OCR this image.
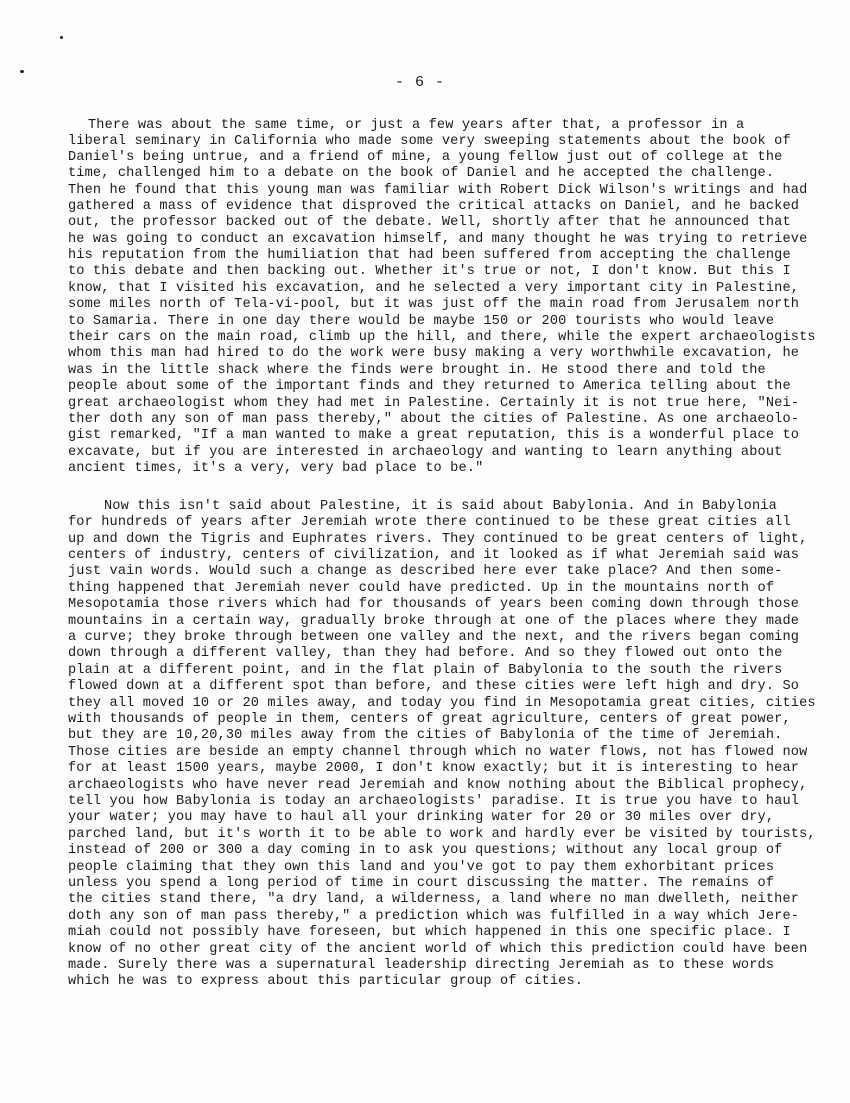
- 6 -
There was about the same time, or just a few years after that, a professor in a
liberal seminary in California who made some very sweeping statements about the book of
Daniel's being untrue, and a friend of mine, a young fellow just out of college at the
time, challenged him to a debate on the book of Daniel and he accepted the challenge.
Then he found that this young man was familiar with Robert Dick Wilson's writings and had
gathered a mass of evidence that disproved the critical attacks on Daniel, and he backed
out, the professor backed out of the debate. Well, shortly after that he announced that
he was going to conduct an excavation himself, and many thought he was trying to retrieve
his reputation from the humiliation that had been suffered from accepting the challenge
to this debate and then backing out. Whether it's true or not, I don't know. But this I
know, that I visited his excavation, and he selected a very important city in Palestine,
some miles north of Tela-vi-pool, but it was just off the main road from Jerusalem north
to Samaria. There in one day there would be maybe 150 or 200 tourists who would leave
their cars on the main road, climb up the hill, and there, while the expert archaeologists
whom this man had hired to do the work were busy making a very worthwhile excavation, he
was in the little shack where the finds were brought in. He stood there and told the
people about some of the important finds and they returned to America telling about the
great archaeologist whom they had met in Palestine. Certainly it is not true here, "Nei-
ther doth any son of man pass thereby," about the cities of Palestine. As one archaeolo-
gist remarked, "If a man wanted to make a great reputation, this is a wonderful place to
excavate, but if you are interested in archaeology and wanting to learn anything about
ancient times, it's a very, very bad place to be."
Now this isn't said about Palestine, it is said about Babylonia. And in Babylonia
for hundreds of years after Jeremiah wrote there continued to be these great cities all
up and down the Tigris and Euphrates rivers. They continued to be great centers of light,
centers of industry, centers of civilization, and it looked as if what Jeremiah said was
just vain words. Would such a change as described here ever take place? And then some-
thing happened that Jeremiah never could have predicted. Up in the mountains north of
Mesopotamia those rivers which had for thousands of years been coming down through those
mountains in a certain way, gradually broke through at one of the places where they made
a curve; they broke through between one valley and the next, and the rivers began coming
down through a different valley, than they had before. And so they flowed out onto the
plain at a different point, and in the flat plain of Babylonia to the south the rivers
flowed down at a different spot than before, and these cities were left high and dry. So
they all moved 10 or 20 miles away, and today you find in Mesopotamia great cities, cities
with thousands of people in them, centers of great agriculture, centers of great power,
but they are 10,20,30 miles away from the cities of Babylonia of the time of Jeremiah.
Those cities are beside an empty channel through which no water flows, not has flowed now
for at least 1500 years, maybe 2000, I don't know exactly; but it is interesting to hear
archaeologists who have never read Jeremiah and know nothing about the Biblical prophecy,
tell you how Babylonia is today an archaeologists' paradise. It is true you have to haul
your water; you may have to haul all your drinking water for 20 or 30 miles over dry,
parched land, but it's worth it to be able to work and hardly ever be visited by tourists,
instead of 200 or 300 a day coming in to ask you questions; without any local group of
people claiming that they own this land and you've got to pay them exhorbitant prices
unless you spend a long period of time in court discussing the matter. The remains of
the cities stand there, "a dry land, a wilderness, a land where no man dwelleth, neither
doth any son of man pass thereby," a prediction which was fulfilled in a way which Jere-
miah could not possibly have foreseen, but which happened in this one specific place. I
know of no other great city of the ancient world of which this prediction could have been
made. Surely there was a supernatural leadership directing Jeremiah as to these words
which he was to express about this particular group of cities.
